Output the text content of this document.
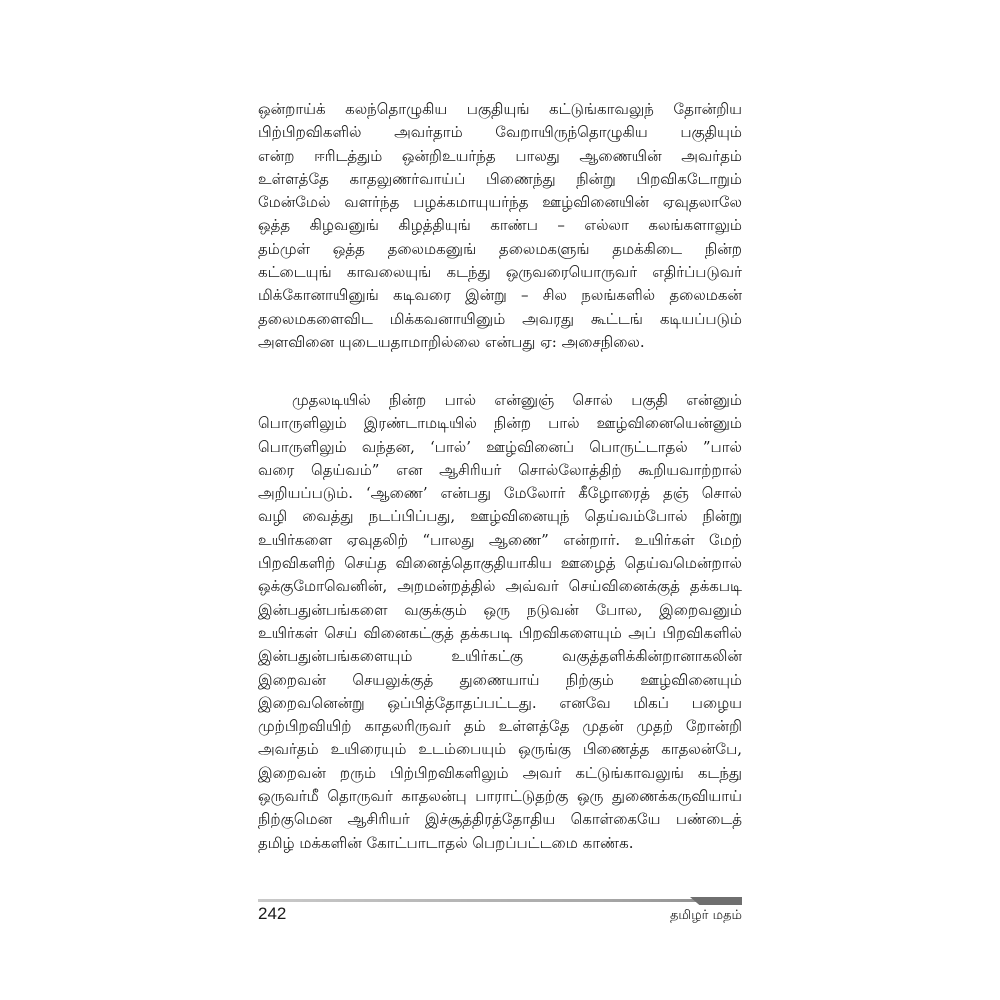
ஒன்றாய்க் கலந்தொழுகிய பகுதியுங் கட்டுங்காவலுந் தோன்றிய
பிற்பிறவிகளில் அவர்தாம் வேறாயிருந்தொழுகிய பகுதியும்
என்ற ஈரிடத்தும் ஒன்றிஉயர்ந்த பாலது ஆணையின் அவர்தம்
உள்ளத்தே காதலுணர்வாய்ப் பிணைந்து நின்று பிறவிகடோறும்
மேன்மேல் வளர்ந்த பழக்கமாயுயர்ந்த ஊழ்வினையின் ஏவுதலாலே
ஒத்த கிழவனுங் கிழத்தியுங் காண்ப – எல்லா கலங்களாலும்
தம்முள் ஒத்த தலைமகனுங் தலைமகளுங் தமக்கிடை நின்ற
கட்டையுங் காவலையுங் கடந்து ஒருவரையொருவர் எதிர்ப்படுவர்
மிக்கோனாயினுங் கடிவரை இன்று – சில நலங்களில் தலைமகன்
தலைமகளைவிட மிக்கவனாயினும் அவரது கூட்டங் கடியப்படும்
அளவினை யுடையதாமாறில்லை என்பது ஏ: அசைநிலை.
முதலடியில் நின்ற பால் என்னுஞ் சொல் பகுதி என்னும்
பொருளிலும் இரண்டாமடியில் நின்ற பால் ஊழ்வினையென்னும்
பொருளிலும் வந்தன, ‘பால்’ ஊழ்வினைப் பொருட்டாதல் ”பால்
வரை தெய்வம்” என ஆசிரியர் சொல்லோத்திற் கூறியவாற்றால்
அறியப்படும். ‘ஆணை’ என்பது மேலோர் கீழோரைத் தஞ் சொல்
வழி வைத்து நடப்பிப்பது, ஊழ்வினையுந் தெய்வம்போல் நின்று
உயிர்களை ஏவுதலிற் “பாலது ஆணை” என்றார். உயிர்கள் மேற்
பிறவிகளிற் செய்த வினைத்தொகுதியாகிய ஊழைத் தெய்வமென்றால்
ஒக்குமோவெனின், அறமன்றத்தில் அவ்வர் செய்வினைக்குத் தக்கபடி
இன்பதுன்பங்களை வகுக்கும் ஒரு நடுவன் போல, இறைவனும்
உயிர்கள் செய் வினைகட்குத் தக்கபடி பிறவிகளையும் அப் பிறவிகளில்
இன்பதுன்பங்களையும் உயிர்கட்கு வகுத்தளிக்கின்றானாகலின்
இறைவன் செயலுக்குத் துணையாய் நிற்கும் ஊழ்வினையும்
இறைவனென்று ஒப்பித்தோதப்பட்டது. எனவே மிகப் பழைய
முற்பிறவியிற் காதலரிருவர் தம் உள்ளத்தே முதன் முதற் றோன்றி
அவர்தம் உயிரையும் உடம்பையும் ஒருங்கு பிணைத்த காதலன்பே,
இறைவன் றரும் பிற்பிறவிகளிலும் அவர் கட்டுங்காவலுங் கடந்து
ஒருவர்மீ தொருவர் காதலன்பு பாராட்டுதற்கு ஒரு துணைக்கருவியாய்
நிற்குமென ஆசிரியர் இச்சூத்திரத்தோதிய கொள்கையே பண்டைத்
தமிழ் மக்களின் கோட்பாடாதல் பெறப்பட்டமை காண்க.
242	தமிழர் மதம்
